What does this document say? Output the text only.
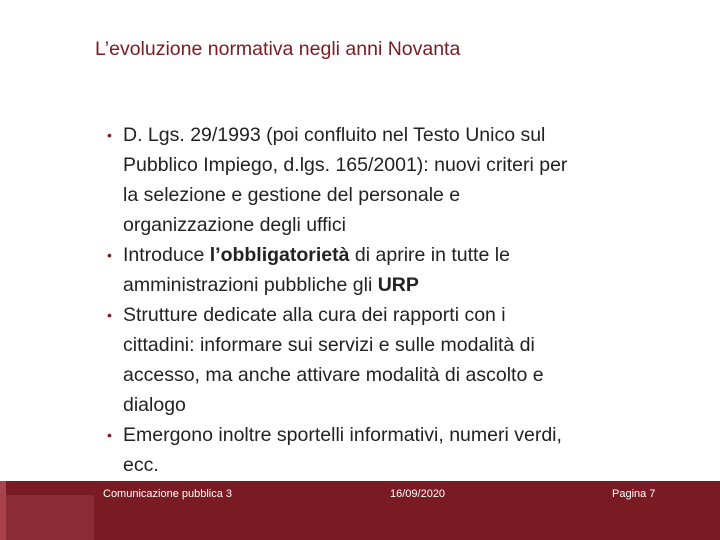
L’evoluzione normativa negli anni Novanta
• D. Lgs. 29/1993 (poi confluito nel Testo Unico sul
Pubblico Impiego, d.lgs. 165/2001): nuovi criteri per
la selezione e gestione del personale e
organizzazione degli uffici
• Introduce l’obbligatorietà di aprire in tutte le
amministrazioni pubbliche gli URP
• Strutture dedicate alla cura dei rapporti con i
cittadini: informare sui servizi e sulle modalità di
accesso, ma anche attivare modalità di ascolto e
dialogo
• Emergono inoltre sportelli informativi, numeri verdi,
ecc.
Comunicazione pubblica 3	16/09/2020	Pagina 7
